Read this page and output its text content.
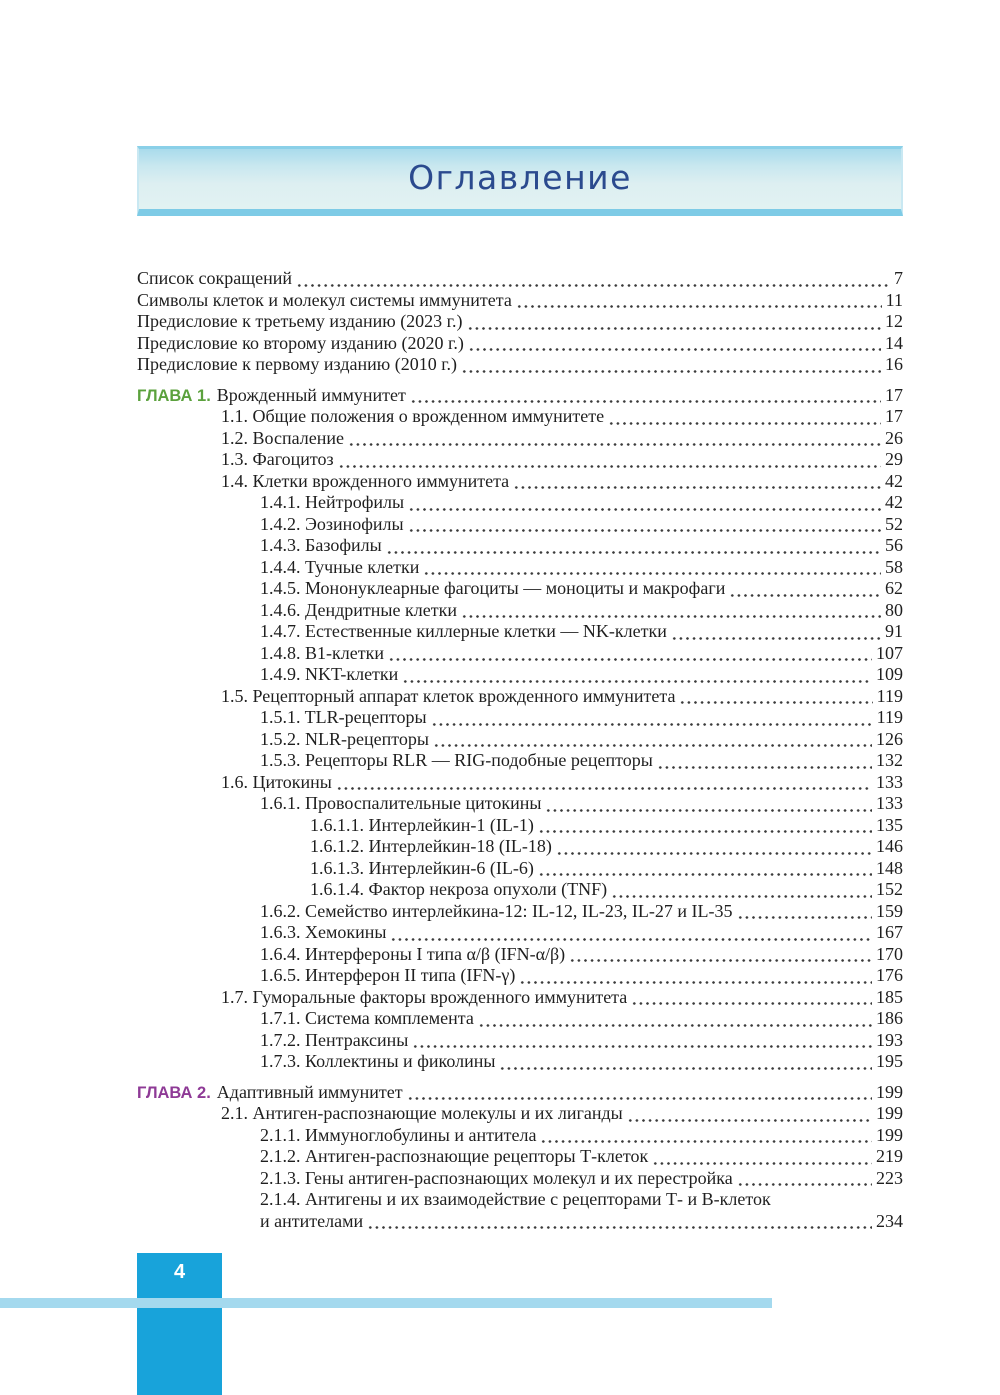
Оглавление
Список сокращений	7
Символы клеток и молекул системы иммунитета	11
Предисловие к третьему изданию (2023 г.)	12
Предисловие ко второму изданию (2020 г.)	14
Предисловие к первому изданию (2010 г.)	16
ГЛАВА 1. Врожденный иммунитет	17
1.1. Общие положения о врожденном иммунитете	17
1.2. Воспаление	26
1.3. Фагоцитоз	29
1.4. Клетки врожденного иммунитета	42
1.4.1. Нейтрофилы	42
1.4.2. Эозинофилы	52
1.4.3. Базофилы	56
1.4.4. Тучные клетки	58
1.4.5. Мононуклеарные фагоциты — моноциты и макрофаги	62
1.4.6. Дендритные клетки	80
1.4.7. Естественные киллерные клетки — NK-клетки	91
1.4.8. B1-клетки	107
1.4.9. NKT-клетки	109
1.5. Рецепторный аппарат клеток врожденного иммунитета	119
1.5.1. TLR-рецепторы	119
1.5.2. NLR-рецепторы	126
1.5.3. Рецепторы RLR — RIG-подобные рецепторы	132
1.6. Цитокины	133
1.6.1. Провоспалительные цитокины	133
1.6.1.1. Интерлейкин-1 (IL-1)	135
1.6.1.2. Интерлейкин-18 (IL-18)	146
1.6.1.3. Интерлейкин-6 (IL-6)	148
1.6.1.4. Фактор некроза опухоли (TNF)	152
1.6.2. Семейство интерлейкина-12: IL-12, IL-23, IL-27 и IL-35	159
1.6.3. Хемокины	167
1.6.4. Интерфероны I типа α/β (IFN-α/β)	170
1.6.5. Интерферон II типа (IFN-γ)	176
1.7. Гуморальные факторы врожденного иммунитета	185
1.7.1. Система комплемента	186
1.7.2. Пентраксины	193
1.7.3. Коллектины и фиколины	195
ГЛАВА 2. Адаптивный иммунитет	199
2.1. Антиген-распознающие молекулы и их лиганды	199
2.1.1. Иммуноглобулины и антитела	199
2.1.2. Антиген-распознающие рецепторы Т-клеток	219
2.1.3. Гены антиген-распознающих молекул и их перестройка	223
2.1.4. Антигены и их взаимодействие с рецепторами Т- и В-клеток
и антителами	234
4
